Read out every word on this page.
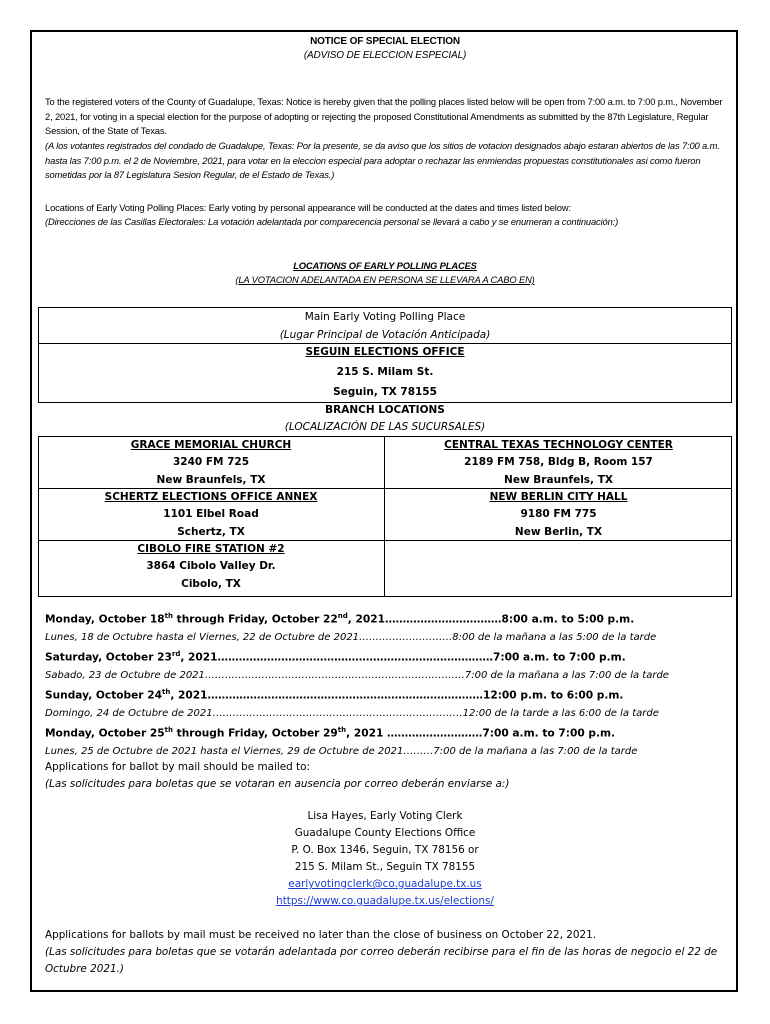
NOTICE OF SPECIAL ELECTION
(ADVISO DE ELECCION ESPECIAL)
To the registered voters of the County of Guadalupe, Texas: Notice is hereby given that the polling places listed below will be open from 7:00 a.m. to 7:00 p.m., November 2, 2021, for voting in a special election for the purpose of adopting or rejecting the proposed Constitutional Amendments as submitted by the 87th Legislature, Regular Session, of the State of Texas.
(A los votantes registrados del condado de Guadalupe, Texas: Por la presente, se da aviso que los sitios de votacion designados abajo estaran abiertos de las 7:00 a.m. hasta las 7:00 p.m. el 2 de Noviembre, 2021, para votar en la eleccion especial para adoptar o rechazar las enmiendas propuestas constitutionales asi como fueron sometidas por la 87 Legislatura Sesion Regular, de el Estado de Texas.)
Locations of Early Voting Polling Places: Early voting by personal appearance will be conducted at the dates and times listed below:
(Direcciones de las Casillas Electorales: La votación adelantada por comparecencia personal se llevará a cabo y se enumeran a continuación:)
LOCATIONS OF EARLY POLLING PLACES
(LA VOTACION ADELANTADA EN PERSONA SE LLEVARA A CABO EN)
Main Early Voting Polling Place
(Lugar Principal de Votación Anticipada)
SEGUIN ELECTIONS OFFICE
215 S. Milam St.
Seguin, TX 78155
BRANCH LOCATIONS
(LOCALIZACIÓN DE LAS SUCURSALES)
GRACE MEMORIAL CHURCH
3240 FM 725
New Braunfels, TX
CENTRAL TEXAS TECHNOLOGY CENTER
2189 FM 758, Bldg B, Room 157
New Braunfels, TX
SCHERTZ ELECTIONS OFFICE ANNEX
1101 Elbel Road
Schertz, TX
NEW BERLIN CITY HALL
9180 FM 775
New Berlin, TX
CIBOLO FIRE STATION #2
3864 Cibolo Valley Dr.
Cibolo, TX
Monday, October 18th through Friday, October 22nd, 2021……………………………8:00 a.m. to 5:00 p.m.
Lunes, 18 de Octubre hasta el Viernes, 22 de Octubre de 2021……………………….8:00 de la mañana a las 5:00 de la tarde
Saturday, October 23rd, 2021……………………………………………………………………7:00 a.m. to 7:00 p.m.
Sabado, 23 de Octubre de 2021……………………………………………………………………7:00 de la mañana a las 7:00 de la tarde
Sunday, October 24th, 2021……………………………………………………………………12:00 p.m. to 6:00 p.m.
Domingo, 24 de Octubre de 2021…………………………………………………………………12:00 de la tarde a las 6:00 de la tarde
Monday, October 25th through Friday, October 29th, 2021 ………………………7:00 a.m. to 7:00 p.m.
Lunes, 25 de Octubre de 2021 hasta el Viernes, 29 de Octubre de 2021………7:00 de la mañana a las 7:00 de la tarde
Applications for ballot by mail should be mailed to:
(Las solicitudes para boletas que se votaran en ausencia por correo deberán enviarse a:)
Lisa Hayes, Early Voting Clerk
Guadalupe County Elections Office
P. O. Box 1346, Seguin, TX 78156 or
215 S. Milam St., Seguin TX 78155
earlyvotingclerk@co.guadalupe.tx.us
https://www.co.guadalupe.tx.us/elections/
Applications for ballots by mail must be received no later than the close of business on October 22, 2021.
(Las solicitudes para boletas que se votarán adelantada por correo deberán recibirse para el fin de las horas de negocio el 22 de Octubre 2021.)
